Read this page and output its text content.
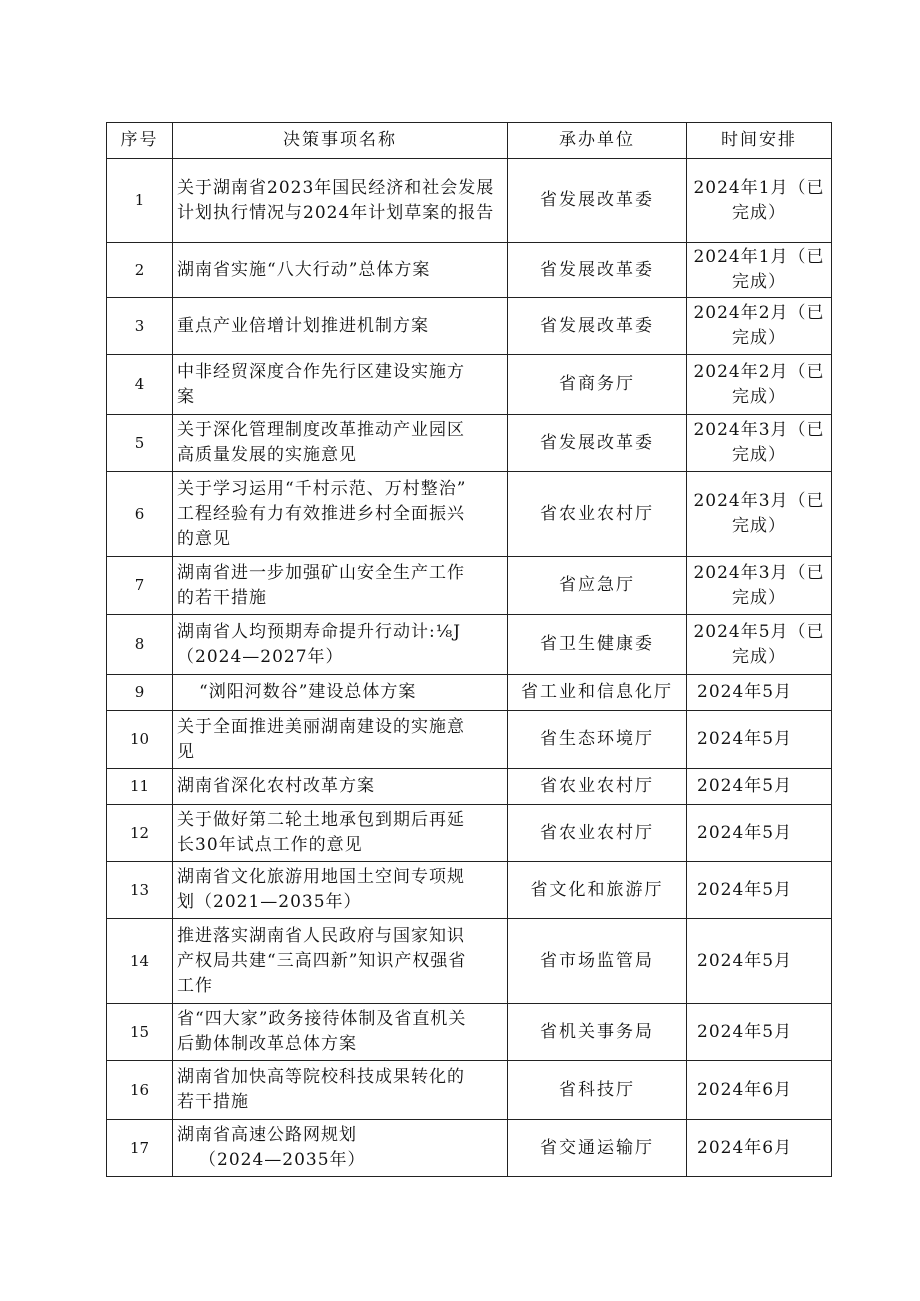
序号	决策事项名称	承办单位	时间安排
1	关于湖南省2023年国民经济和社会发展
计划执行情况与2024年计划草案的报告	省发展改革委	2024年1月（已
完成）

2	湖南省实施“八大行动”总体方案	省发展改革委	2024年1月（已
完成）

3	重点产业倍增计划推进机制方案	省发展改革委	2024年2月（已
完成）

4	中非经贸深度合作先行区建设实施方
案	省商务厅	2024年2月（已
完成）

5	关于深化管理制度改革推动产业园区
高质量发展的实施意见	省发展改革委	2024年3月（已
完成）

6	关于学习运用“千村示范、万村整治”
工程经验有力有效推进乡村全面振兴
的意见	省农业农村厅	2024年3月（已
完成）

7	湖南省进一步加强矿山安全生产工作
的若干措施	省应急厅	2024年3月（已
完成）

8	湖南省人均预期寿命提升行动计:⅛J
（2024—2027年）	省卫生健康委	2024年5月（已
完成）

9	“浏阳河数谷”建设总体方案	省工业和信息化厅	2024年5月

10	关于全面推进美丽湖南建设的实施意
见	省生态环境厅	2024年5月

11	湖南省深化农村改革方案	省农业农村厅	2024年5月

12	关于做好第二轮土地承包到期后再延
长30年试点工作的意见	省农业农村厅	2024年5月

13	湖南省文化旅游用地国土空间专项规
划（2021—2035年）	省文化和旅游厅	2024年5月

14	推进落实湖南省人民政府与国家知识
产权局共建“三高四新”知识产权强省
工作	省市场监管局	2024年5月

15	省“四大家”政务接待体制及省直机关
后勤体制改革总体方案	省机关事务局	2024年5月

16	湖南省加快高等院校科技成果转化的
若干措施	省科技厅	2024年6月

17	湖南省高速公路网规划
（2024—2035年）	省交通运输厅	2024年6月
